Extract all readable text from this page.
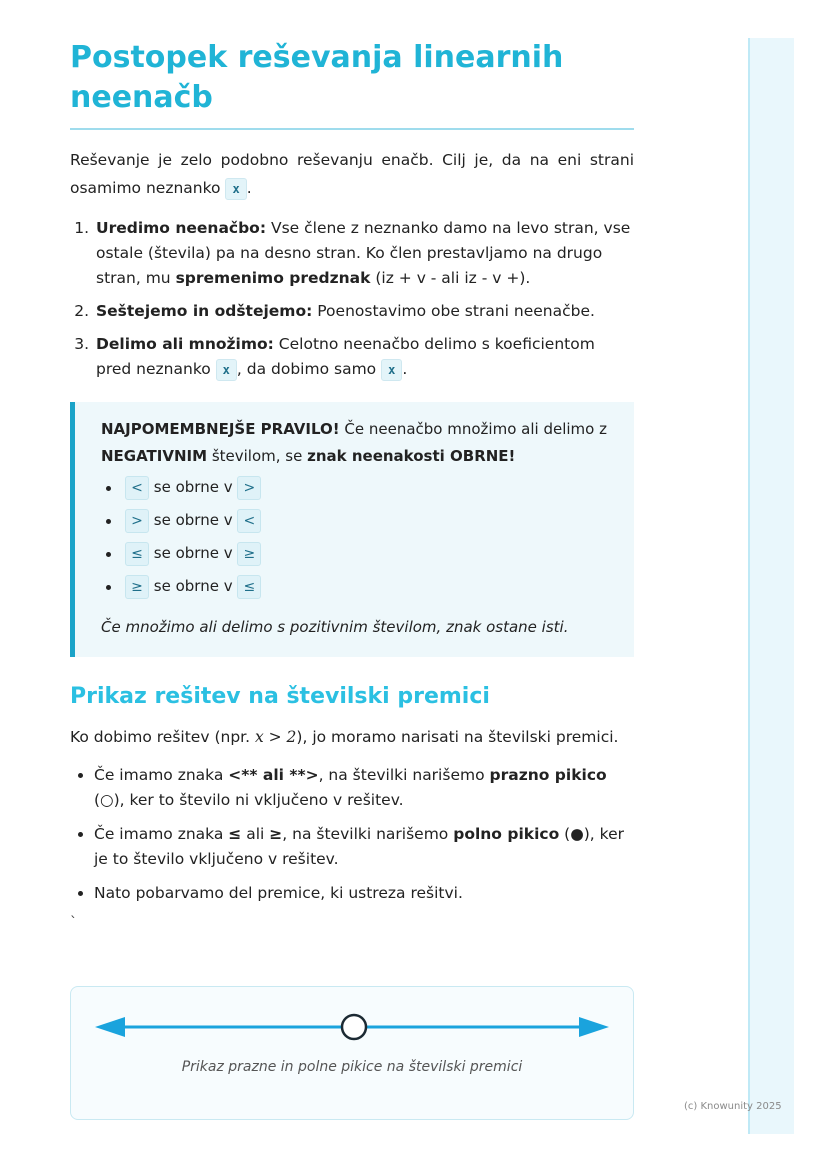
Postopek reševanja linearnih neenačb

Reševanje je zelo podobno reševanju enačb. Cilj je, da na eni strani osamimo neznanko x .

1. Uredimo neenačbo: Vse člene z neznanko damo na levo stran, vse ostale (števila) pa na desno stran. Ko člen prestavljamo na drugo stran, mu spremenimo predznak (iz + v - ali iz - v +).
2. Seštejemo in odštejemo: Poenostavimo obe strani neenačbe.
3. Delimo ali množimo: Celotno neenačbo delimo s koeficientom pred neznanko x , da dobimo samo x .
NAJPOMEMBNEJŠE PRAVILO! Če neenačbo množimo ali delimo z NEGATIVNIM številom, se znak neenakosti OBRNE!
< se obrne v >
> se obrne v <
≤ se obrne v ≥
≥ se obrne v ≤
Če množimo ali delimo s pozitivnim številom, znak ostane isti.
Prikaz rešitev na številski premici

Ko dobimo rešitev (npr. x > 2), jo moramo narisati na številski premici.

• Če imamo znaka <** ali **>, na številki narišemo prazno pikico (○), ker to število ni vključeno v rešitev.
• Če imamo znaka ≤ ali ≥, na številki narišemo polno pikico (●), ker je to število vključeno v rešitev.
• Nato pobarvamo del premice, ki ustreza rešitvi.
`
Prikaz prazne in polne pikice na številski premici
(c) Knowunity 2025
